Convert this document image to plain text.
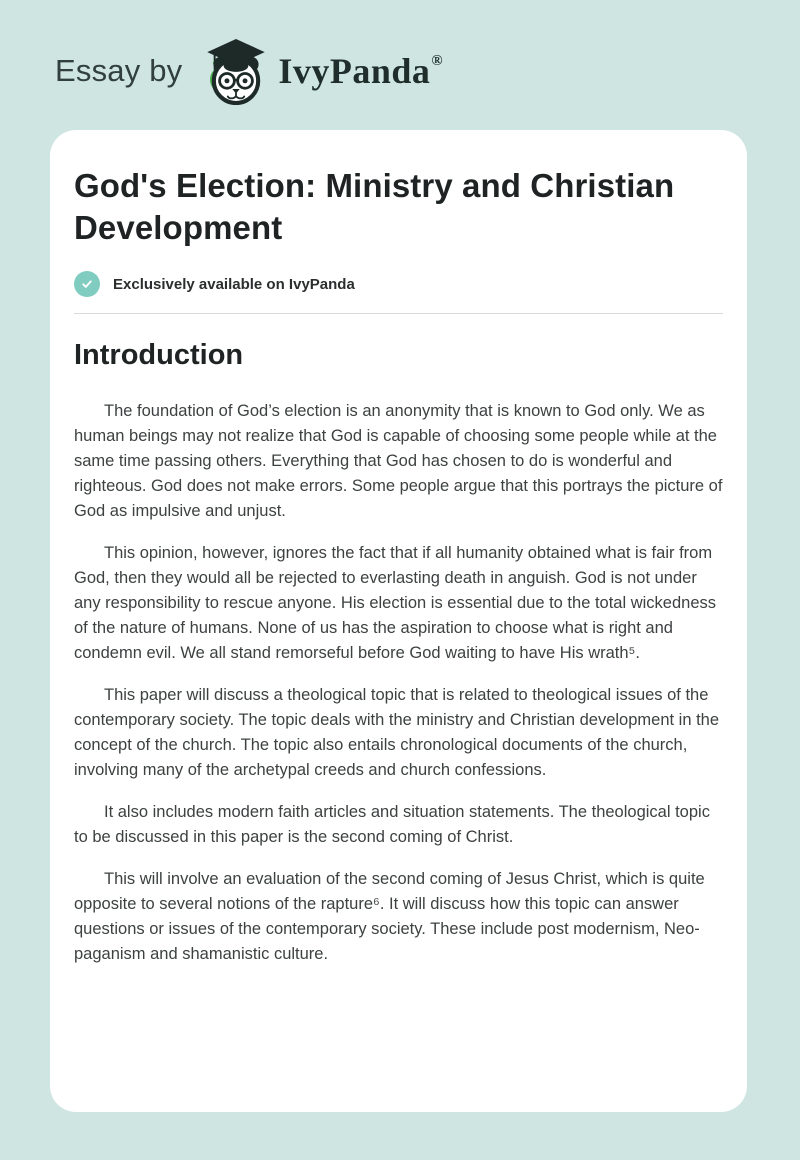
Essay by	IvyPanda ®
God's Election: Ministry and Christian Development
Exclusively available on IvyPanda
Introduction

The foundation of God’s election is an anonymity that is known to God only. We as human beings may not realize that God is capable of choosing some people while at the same time passing others. Everything that God has chosen to do is wonderful and righteous. God does not make errors. Some people argue that this portrays the picture of God as impulsive and unjust.

This opinion, however, ignores the fact that if all humanity obtained what is fair from God, then they would all be rejected to everlasting death in anguish. God is not under any responsibility to rescue anyone. His election is essential due to the total wickedness of the nature of humans. None of us has the aspiration to choose what is right and condemn evil. We all stand remorseful before God waiting to have His wrath⁵.

This paper will discuss a theological topic that is related to theological issues of the contemporary society. The topic deals with the ministry and Christian development in the concept of the church. The topic also entails chronological documents of the church, involving many of the archetypal creeds and church confessions.

It also includes modern faith articles and situation statements. The theological topic to be discussed in this paper is the second coming of Christ.

This will involve an evaluation of the second coming of Jesus Christ, which is quite opposite to several notions of the rapture⁶. It will discuss how this topic can answer questions or issues of the contemporary society. These include post modernism, Neo-paganism and shamanistic culture.
